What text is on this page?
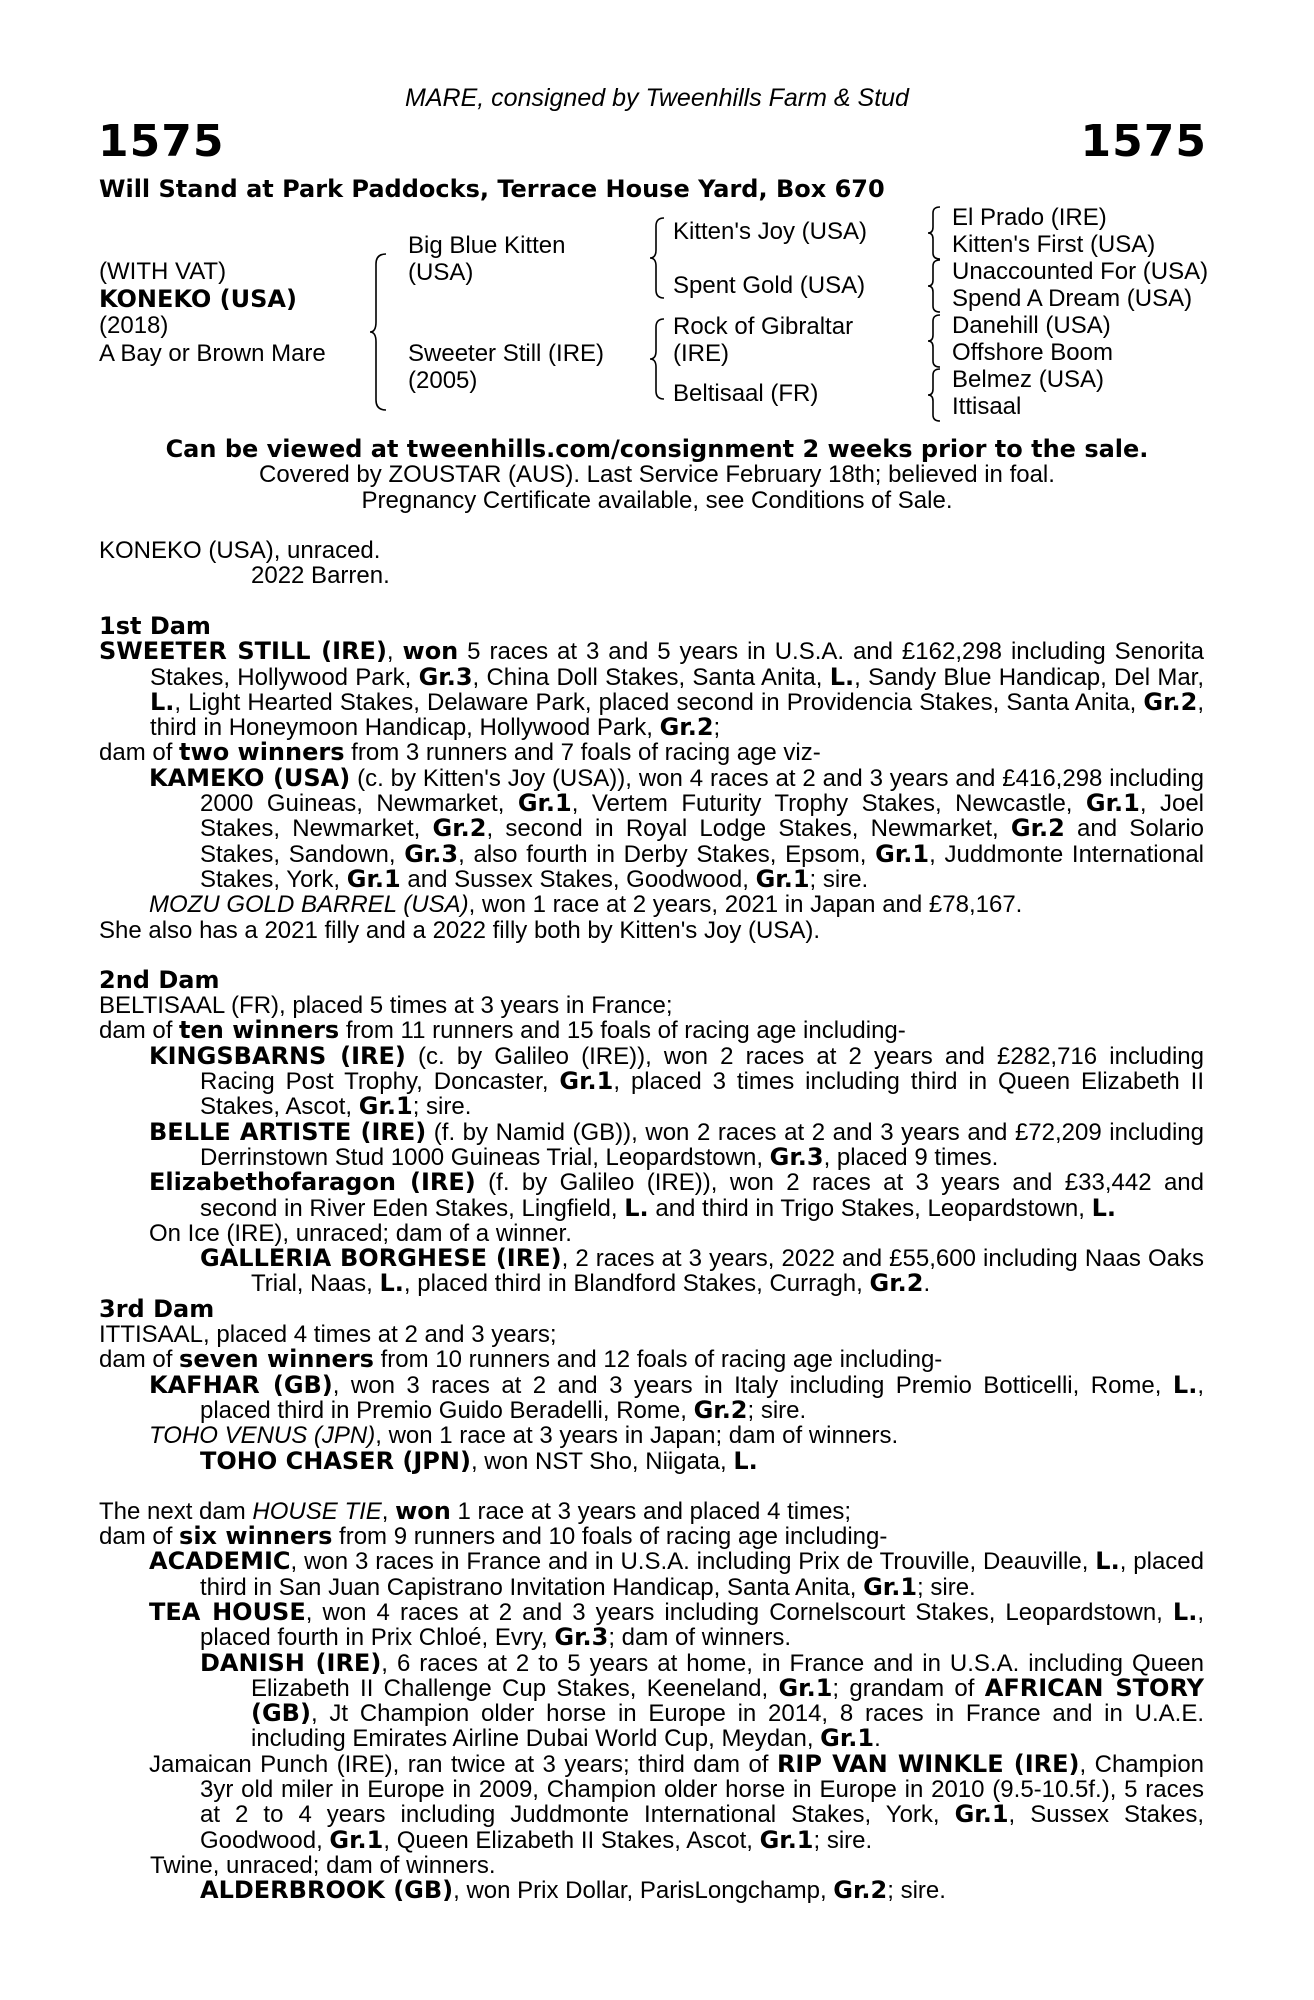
MARE, consigned by Tweenhills Farm & Stud
1575	1575
Will Stand at Park Paddocks, Terrace House Yard, Box 670
(WITH VAT)
KONEKO (USA)
(2018)
A Bay or Brown Mare
Big Blue Kitten
(USA)
Sweeter Still (IRE)
(2005)
Kitten's Joy (USA)
Spent Gold (USA)
Rock of Gibraltar
(IRE)
Beltisaal (FR)
El Prado (IRE)
Kitten's First (USA)
Unaccounted For (USA)
Spend A Dream (USA)
Danehill (USA)
Offshore Boom
Belmez (USA)
Ittisaal
Can be viewed at tweenhills.com/consignment 2 weeks prior to the sale.
Covered by ZOUSTAR (AUS). Last Service February 18th; believed in foal.
Pregnancy Certificate available, see Conditions of Sale.

KONEKO (USA), unraced.

2022 Barren.

1st Dam

SWEETER STILL (IRE), won 5 races at 3 and 5 years in U.S.A. and £162,298 including Senorita Stakes, Hollywood Park, Gr.3, China Doll Stakes, Santa Anita, L., Sandy Blue Handicap, Del Mar, L., Light Hearted Stakes, Delaware Park, placed second in Providencia Stakes, Santa Anita, Gr.2, third in Honeymoon Handicap, Hollywood Park, Gr.2;

dam of two winners from 3 runners and 7 foals of racing age viz-

KAMEKO (USA) (c. by Kitten's Joy (USA)), won 4 races at 2 and 3 years and £416,298 including 2000 Guineas, Newmarket, Gr.1, Vertem Futurity Trophy Stakes, Newcastle, Gr.1, Joel Stakes, Newmarket, Gr.2, second in Royal Lodge Stakes, Newmarket, Gr.2 and Solario Stakes, Sandown, Gr.3, also fourth in Derby Stakes, Epsom, Gr.1, Juddmonte International Stakes, York, Gr.1 and Sussex Stakes, Goodwood, Gr.1; sire.

MOZU GOLD BARREL (USA), won 1 race at 2 years, 2021 in Japan and £78,167.

She also has a 2021 filly and a 2022 filly both by Kitten's Joy (USA).

2nd Dam

BELTISAAL (FR), placed 5 times at 3 years in France;

dam of ten winners from 11 runners and 15 foals of racing age including-

KINGSBARNS (IRE) (c. by Galileo (IRE)), won 2 races at 2 years and £282,716 including Racing Post Trophy, Doncaster, Gr.1, placed 3 times including third in Queen Elizabeth II Stakes, Ascot, Gr.1; sire.

BELLE ARTISTE (IRE) (f. by Namid (GB)), won 2 races at 2 and 3 years and £72,209 including Derrinstown Stud 1000 Guineas Trial, Leopardstown, Gr.3, placed 9 times.

Elizabethofaragon (IRE) (f. by Galileo (IRE)), won 2 races at 3 years and £33,442 and second in River Eden Stakes, Lingfield, L. and third in Trigo Stakes, Leopardstown, L.

On Ice (IRE), unraced; dam of a winner.

GALLERIA BORGHESE (IRE), 2 races at 3 years, 2022 and £55,600 including Naas Oaks Trial, Naas, L., placed third in Blandford Stakes, Curragh, Gr.2.

3rd Dam

ITTISAAL, placed 4 times at 2 and 3 years;

dam of seven winners from 10 runners and 12 foals of racing age including-

KAFHAR (GB), won 3 races at 2 and 3 years in Italy including Premio Botticelli, Rome, L., placed third in Premio Guido Beradelli, Rome, Gr.2; sire.

TOHO VENUS (JPN), won 1 race at 3 years in Japan; dam of winners.

TOHO CHASER (JPN), won NST Sho, Niigata, L.

The next dam HOUSE TIE, won 1 race at 3 years and placed 4 times;

dam of six winners from 9 runners and 10 foals of racing age including-

ACADEMIC, won 3 races in France and in U.S.A. including Prix de Trouville, Deauville, L., placed third in San Juan Capistrano Invitation Handicap, Santa Anita, Gr.1; sire.

TEA HOUSE, won 4 races at 2 and 3 years including Cornelscourt Stakes, Leopardstown, L., placed fourth in Prix Chloé, Evry, Gr.3; dam of winners.

DANISH (IRE), 6 races at 2 to 5 years at home, in France and in U.S.A. including Queen Elizabeth II Challenge Cup Stakes, Keeneland, Gr.1; grandam of AFRICAN STORY (GB), Jt Champion older horse in Europe in 2014, 8 races in France and in U.A.E. including Emirates Airline Dubai World Cup, Meydan, Gr.1.

Jamaican Punch (IRE), ran twice at 3 years; third dam of RIP VAN WINKLE (IRE), Champion 3yr old miler in Europe in 2009, Champion older horse in Europe in 2010 (9.5-10.5f.), 5 races at 2 to 4 years including Juddmonte International Stakes, York, Gr.1, Sussex Stakes, Goodwood, Gr.1, Queen Elizabeth II Stakes, Ascot, Gr.1; sire.

Twine, unraced; dam of winners.

ALDERBROOK (GB), won Prix Dollar, ParisLongchamp, Gr.2; sire.
